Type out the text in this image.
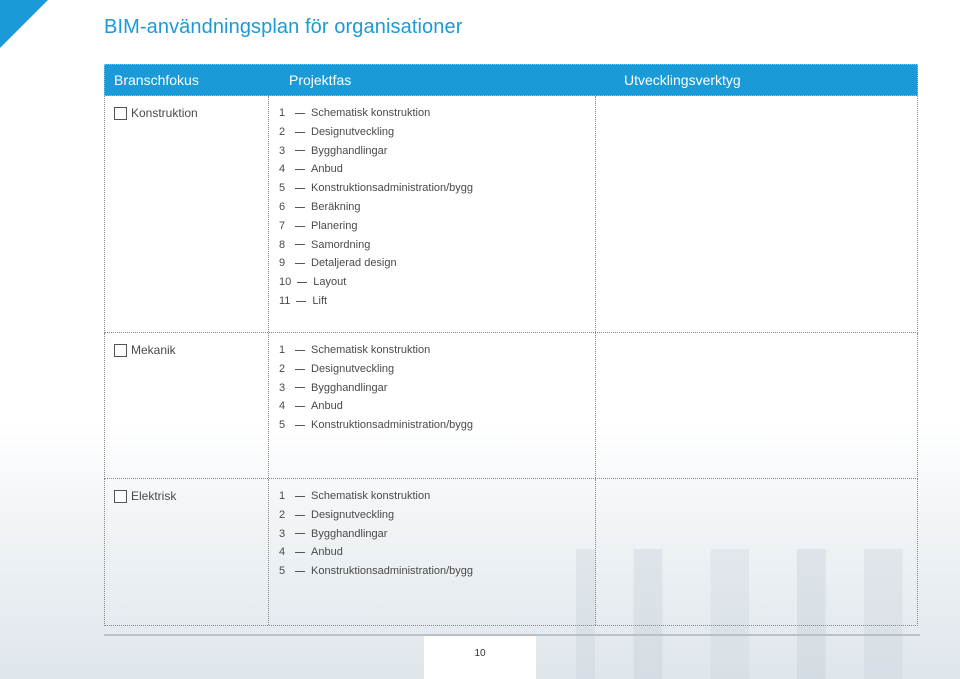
BIM-användningsplan för organisationer
Branschfokus	Projektfas	Utvecklingsverktyg
Konstruktion	1	Schematisk konstruktion
2	Designutveckling
3	Bygghandlingar
4	Anbud
5	Konstruktionsadministration/bygg
6	Beräkning
7	Planering
8	Samordning
9	Detaljerad design
10 Layout
11 Lift
Mekanik	1	Schematisk konstruktion
2	Designutveckling
3	Bygghandlingar
4	Anbud
5	Konstruktionsadministration/bygg
Elektrisk	1	Schematisk konstruktion
2	Designutveckling
3	Bygghandlingar
4	Anbud
5	Konstruktionsadministration/bygg
10
